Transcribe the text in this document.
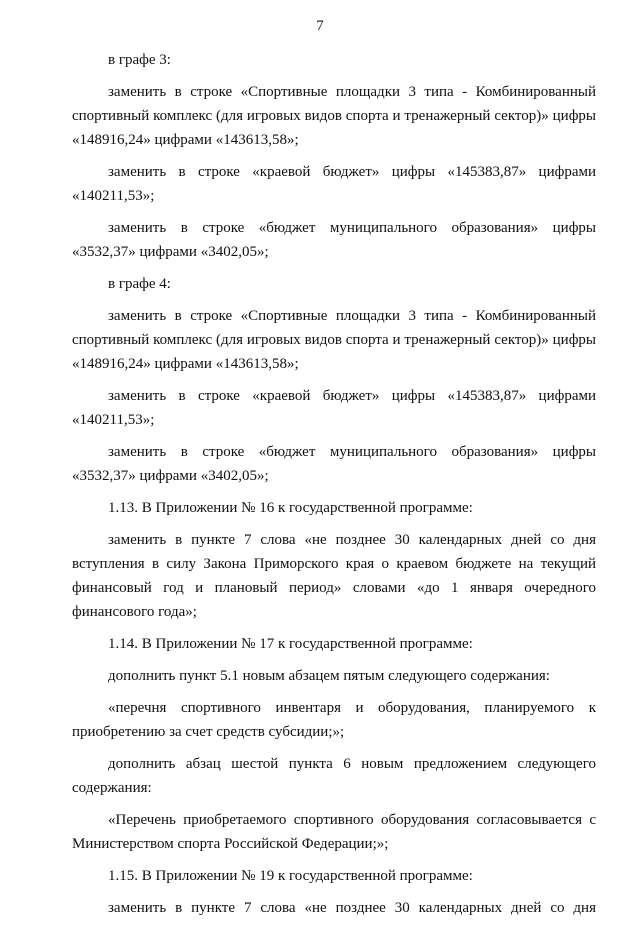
7

в графе 3:

заменить в строке «Спортивные площадки 3 типа - Комбинированный спортивный комплекс (для игровых видов спорта и тренажерный сектор)» цифры «148916,24» цифрами «143613,58»;

заменить в строке «краевой бюджет» цифры «145383,87» цифрами «140211,53»;

заменить в строке «бюджет муниципального образования» цифры «3532,37» цифрами «3402,05»;

в графе 4:

заменить в строке «Спортивные площадки 3 типа - Комбинированный спортивный комплекс (для игровых видов спорта и тренажерный сектор)» цифры «148916,24» цифрами «143613,58»;

заменить в строке «краевой бюджет» цифры «145383,87» цифрами «140211,53»;

заменить в строке «бюджет муниципального образования» цифры «3532,37» цифрами «3402,05»;

1.13. В Приложении № 16 к государственной программе:

заменить в пункте 7 слова «не позднее 30 календарных дней со дня вступления в силу Закона Приморского края о краевом бюджете на текущий финансовый год и плановый период» словами «до 1 января очередного финансового года»;

1.14. В Приложении № 17 к государственной программе:

дополнить пункт 5.1 новым абзацем пятым следующего содержания:

«перечня спортивного инвентаря и оборудования, планируемого к приобретению за счет средств субсидии;»;

дополнить абзац шестой пункта 6 новым предложением следующего содержания:

«Перечень приобретаемого спортивного оборудования согласовывается с Министерством спорта Российской Федерации;»;

1.15. В Приложении № 19 к государственной программе:

заменить в пункте 7 слова «не позднее 30 календарных дней со дня
